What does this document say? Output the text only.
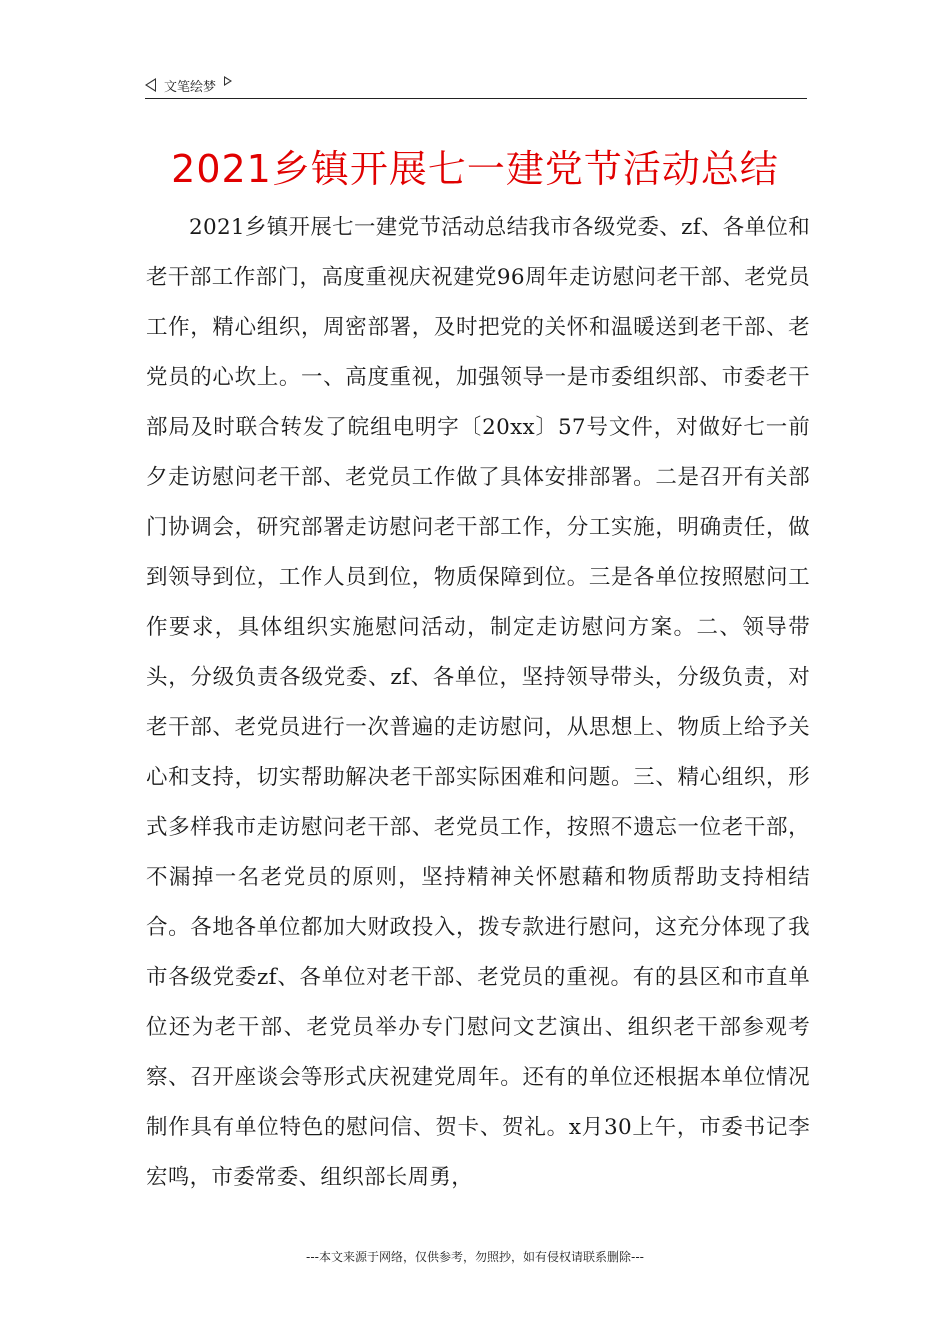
文笔绘梦
2021乡镇开展七一建党节活动总结

2021乡镇开展七一建党节活动总结我市各级党委、zf、各单位和老干部工作部门，高度重视庆祝建党96周年走访慰问老干部、老党员工作，精心组织，周密部署，及时把党的关怀和温暖送到老干部、老党员的心坎上。一、高度重视，加强领导一是市委组织部、市委老干部局及时联合转发了皖组电明字〔20xx〕57号文件，对做好七一前夕走访慰问老干部、老党员工作做了具体安排部署。二是召开有关部门协调会，研究部署走访慰问老干部工作，分工实施，明确责任，做到领导到位，工作人员到位，物质保障到位。三是各单位按照慰问工作要求，具体组织实施慰问活动，制定走访慰问方案。二、领导带头，分级负责各级党委、zf、各单位，坚持领导带头，分级负责，对老干部、老党员进行一次普遍的走访慰问，从思想上、物质上给予关心和支持，切实帮助解决老干部实际困难和问题。三、精心组织，形式多样我市走访慰问老干部、老党员工作，按照不遗忘一位老干部，不漏掉一名老党员的原则，坚持精神关怀慰藉和物质帮助支持相结合。各地各单位都加大财政投入，拨专款进行慰问，这充分体现了我市各级党委zf、各单位对老干部、老党员的重视。有的县区和市直单位还为老干部、老党员举办专门慰问文艺演出、组织老干部参观考察、召开座谈会等形式庆祝建党周年。还有的单位还根据本单位情况制作具有单位特色的慰问信、贺卡、贺礼。x月30上午，市委书记李宏鸣，市委常委、组织部长周勇，

---本文来源于网络，仅供参考，勿照抄，如有侵权请联系删除---
